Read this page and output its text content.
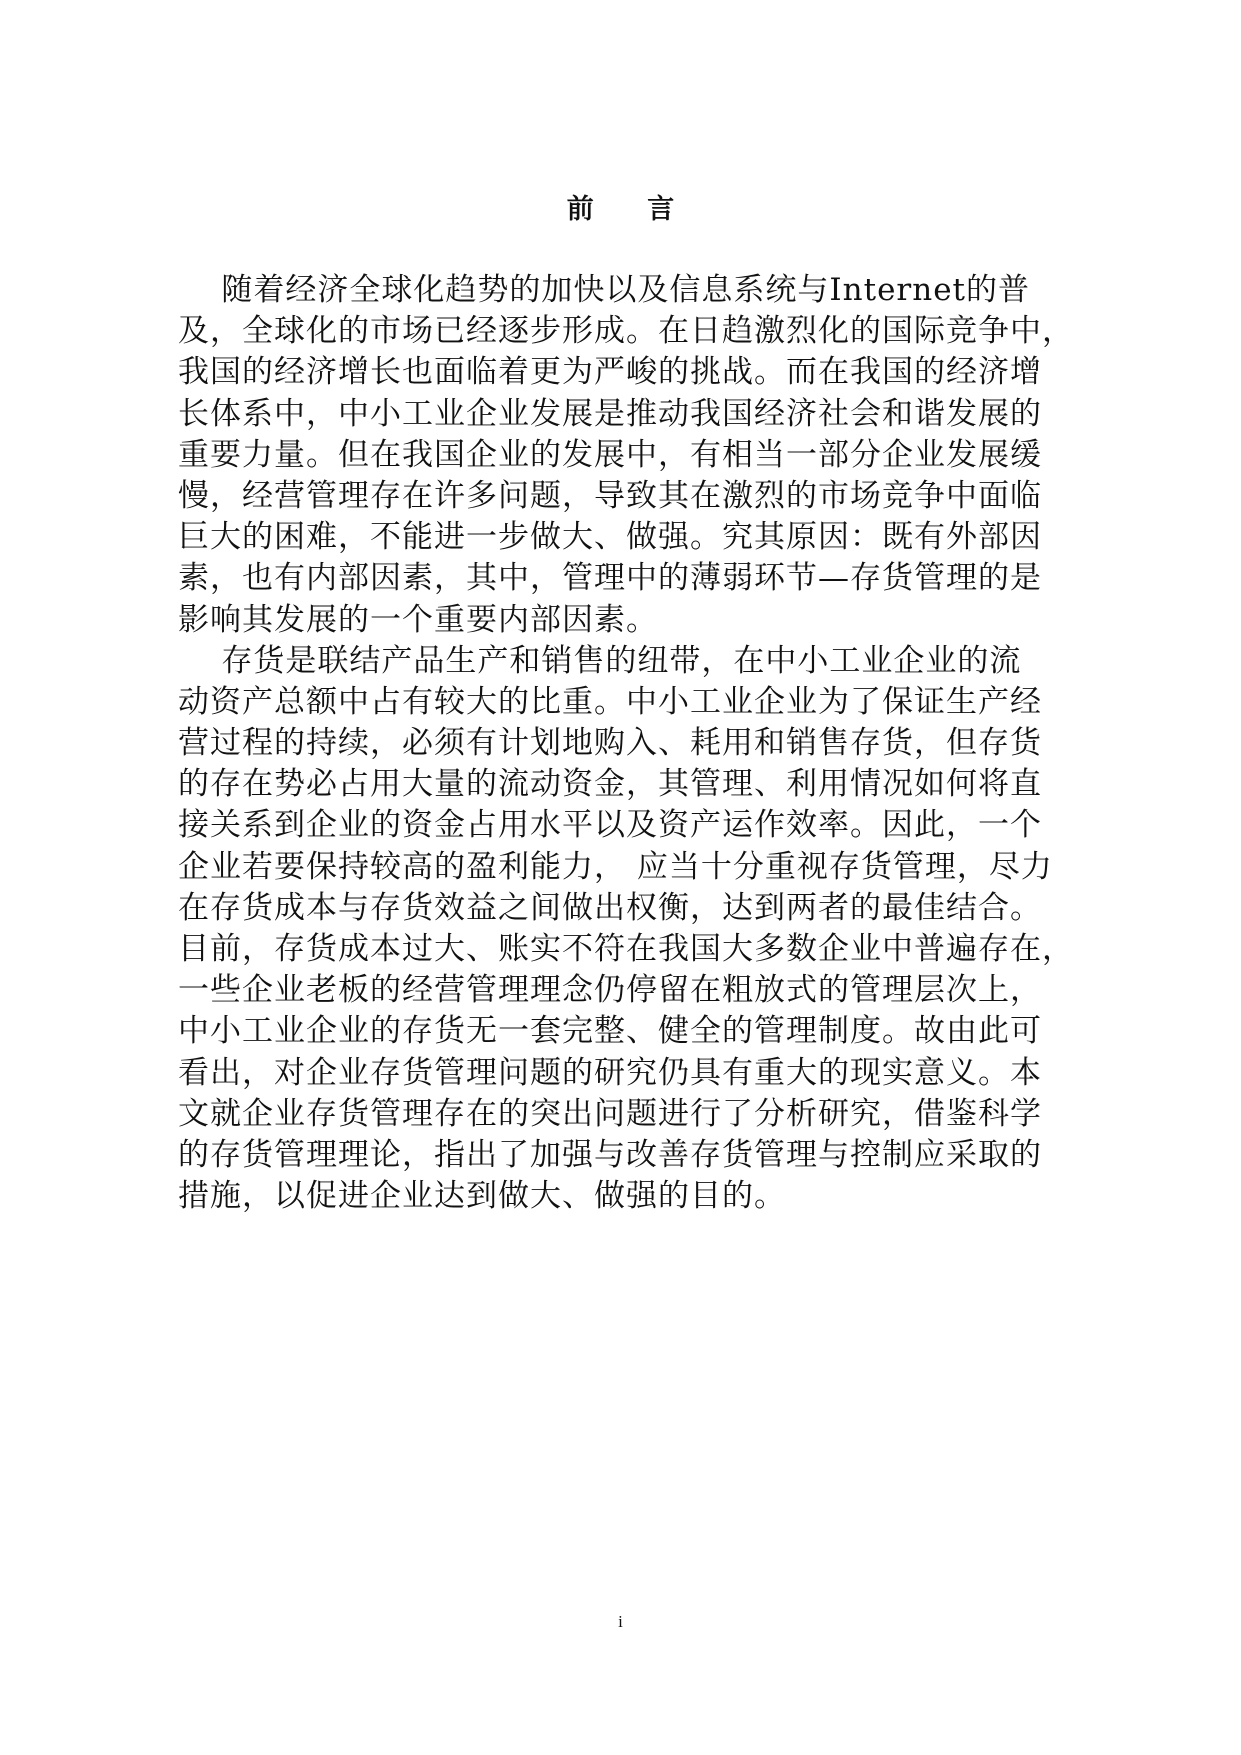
前 言
随着经济全球化趋势的加快以及信息系统与Internet的普
及，全球化的市场已经逐步形成。在日趋激烈化的国际竞争中，
我国的经济增长也面临着更为严峻的挑战。而在我国的经济增
长体系中，中小工业企业发展是推动我国经济社会和谐发展的
重要力量。但在我国企业的发展中，有相当一部分企业发展缓
慢，经营管理存在许多问题，导致其在激烈的市场竞争中面临
巨大的困难，不能进一步做大、做强。究其原因：既有外部因
素，也有内部因素，其中，管理中的薄弱环节—存货管理的是
影响其发展的一个重要内部因素。
存货是联结产品生产和销售的纽带，在中小工业企业的流
动资产总额中占有较大的比重。中小工业企业为了保证生产经
营过程的持续，必须有计划地购入、耗用和销售存货，但存货
的存在势必占用大量的流动资金，其管理、利用情况如何将直
接关系到企业的资金占用水平以及资产运作效率。因此，一个
企业若要保持较高的盈利能力， 应当十分重视存货管理，尽力
在存货成本与存货效益之间做出权衡，达到两者的最佳结合。
目前，存货成本过大、账实不符在我国大多数企业中普遍存在，
一些企业老板的经营管理理念仍停留在粗放式的管理层次上，
中小工业企业的存货无一套完整、健全的管理制度。故由此可
看出，对企业存货管理问题的研究仍具有重大的现实意义。本
文就企业存货管理存在的突出问题进行了分析研究，借鉴科学
的存货管理理论，指出了加强与改善存货管理与控制应采取的
措施，以促进企业达到做大、做强的目的。
i
